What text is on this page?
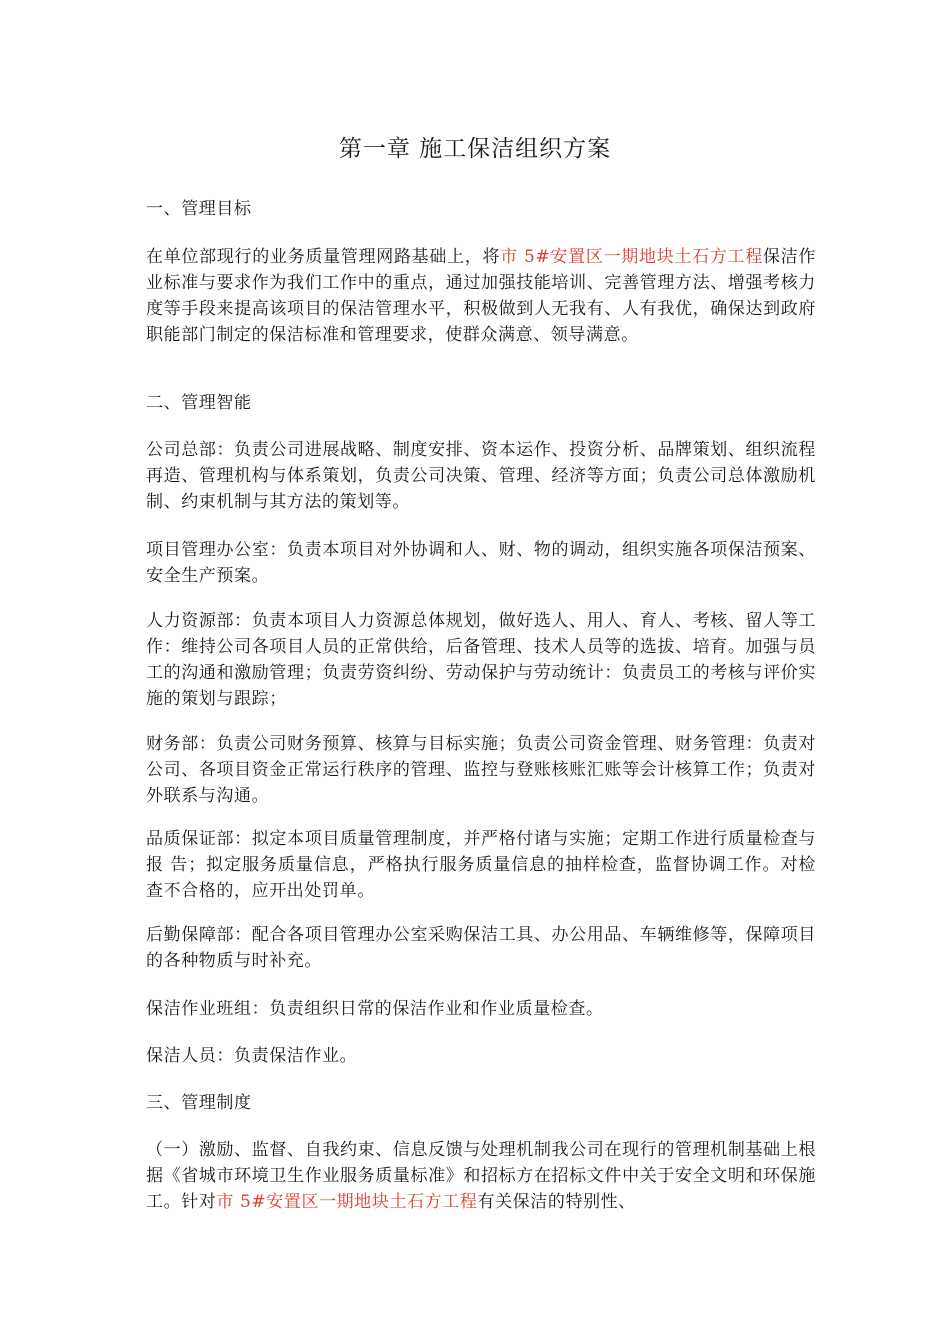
第一章 施工保洁组织方案
一、管理目标
在单位部现行的业务质量管理网路基础上，将市 5#安置区一期地块土石方工程保洁作业标准与要求作为我们工作中的重点，通过加强技能培训、完善管理方法、增强考核力度等手段来提高该项目的保洁管理水平，积极做到人无我有、人有我优，确保达到政府职能部门制定的保洁标准和管理要求，使群众满意、领导满意。
二、管理智能
公司总部：负责公司进展战略、制度安排、资本运作、投资分析、品牌策划、组织流程再造、管理机构与体系策划，负责公司决策、管理、经济等方面；负责公司总体激励机制、约束机制与其方法的策划等。
项目管理办公室：负责本项目对外协调和人、财、物的调动，组织实施各项保洁预案、安全生产预案。
人力资源部：负责本项目人力资源总体规划，做好选人、用人、育人、考核、留人等工作：维持公司各项目人员的正常供给，后备管理、技术人员等的选拔、培育。加强与员工的沟通和激励管理；负责劳资纠纷、劳动保护与劳动统计：负责员工的考核与评价实施的策划与跟踪；
财务部：负责公司财务预算、核算与目标实施；负责公司资金管理、财务管理：负责对公司、各项目资金正常运行秩序的管理、监控与登账核账汇账等会计核算工作；负责对外联系与沟通。
品质保证部：拟定本项目质量管理制度，并严格付诸与实施；定期工作进行质量检查与报 告；拟定服务质量信息，严格执行服务质量信息的抽样检查，监督协调工作。对检查不合格的，应开出处罚单。
后勤保障部：配合各项目管理办公室采购保洁工具、办公用品、车辆维修等，保障项目的各种物质与时补充。
保洁作业班组：负责组织日常的保洁作业和作业质量检查。
保洁人员：负责保洁作业。
三、管理制度
（一）激励、监督、自我约束、信息反馈与处理机制我公司在现行的管理机制基础上根据《省城市环境卫生作业服务质量标准》和招标方在招标文件中关于安全文明和环保施工。针对市 5#安置区一期地块土石方工程有关保洁的特别性、
